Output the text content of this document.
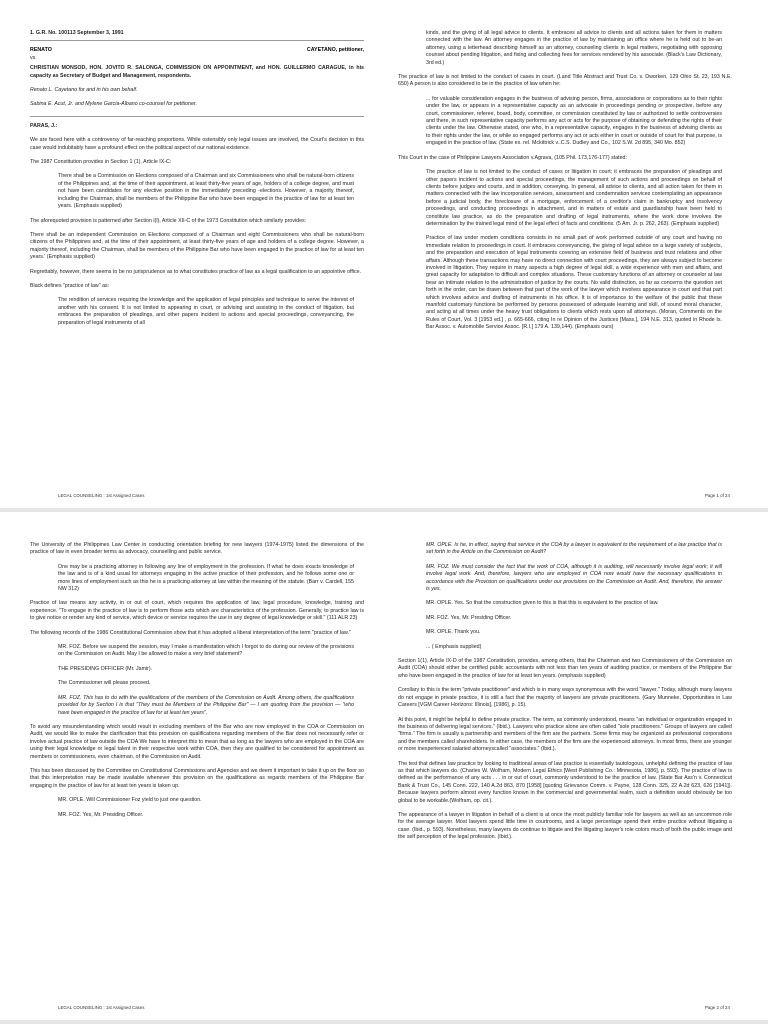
1. G.R. No. 100113 September 3, 1991

RENATO	CAYETANO, petitioner,

vs.

CHRISTIAN MONSOD, HON. JOVITO R. SALONGA, COMMISSION ON APPOINTMENT, and HON. GUILLERMO CARAGUE, in his capacity as Secretary of Budget and Management, respondents.

Renato L. Cayetano for and in his own behalf.

Sabina E. Acut, Jr. and Mylene Garcia-Albano co-counsel for petitioner.

PARAS, J.:

We are faced here with a controversy of far-reaching proportions. While ostensibly only legal issues are involved, the Court's decision in this case would indubitably have a profound effect on the political aspect of our national existence.

The 1987 Constitution provides in Section 1 (1), Article IX-C:

There shall be a Commission on Elections composed of a Chairman and six Commissioners who shall be natural-born citizens of the Philippines and, at the time of their appointment, at least thirty-five years of age, holders of a college degree, and must not have been candidates for any elective position in the immediately preceding -elections. However, a majority thereof, including the Chairman, shall be members of the Philippine Bar who have been engaged in the practice of law for at least ten years. (Emphasis supplied)

The aforequoted provision is patterned after Section l(l), Article XII-C of the 1973 Constitution which similarly provides:

There shall be an independent Commission on Elections composed of a Chairman and eight Commissioners who shall be natural-born citizens of the Philippines and, at the time of their appointment, at least thirty-five years of age and holders of a college degree. However, a majority thereof, including the Chairman, shall be members of the Philippine Bar who have been engaged in the practice of law for at least ten years.' (Emphasis supplied)

Regrettably, however, there seems to be no jurisprudence as to what constitutes practice of law as a legal qualification to an appointive office.

Black defines "practice of law" as:

The rendition of services requiring the knowledge and the application of legal principles and technique to serve the interest of another with his consent. It is not limited to appearing in court, or advising and assisting in the conduct of litigation, but embraces the preparation of pleadings, and other papers incident to actions and special proceedings, conveyancing, the preparation of legal instruments of all

kinds, and the giving of all legal advice to clients. It embraces all advice to clients and all actions taken for them in matters connected with the law. An attorney engages in the practice of law by maintaining an office where he is held out to be-an attorney, using a letterhead describing himself as an attorney, counseling clients in legal matters, negotiating with opposing counsel about pending litigation, and fixing and collecting fees for services rendered by his associate. (Black's Law Dictionary, 3rd ed.)

The practice of law is not limited to the conduct of cases in court. (Land Title Abstract and Trust Co. v. Dworken, 129 Ohio St. 23, 193 N.E. 650) A person is also considered to be in the practice of law when he:

... for valuable consideration engages in the business of advising person, firms, associations or corporations as to their rights under the law, or appears in a representative capacity as an advocate in proceedings pending or prospective, before any court, commissioner, referee, board, body, committee, or commission constituted by law or authorized to settle controversies and there, in such representative capacity performs any act or acts for the purpose of obtaining or defending the rights of their clients under the law. Otherwise stated, one who, in a representative capacity, engages in the business of advising clients as to their rights under the law, or while so engaged performs any act or acts either in court or outside of court for that purpose, is engaged in the practice of law. (State ex. rel. Mckittrick v..C.S. Dudley and Co., 102 S.W. 2d 895, 340 Mo. 852)

This Court in the case of Philippine Lawyers Association v.Agrava, (105 Phil. 173,176-177) stated:

The practice of law is not limited to the conduct of cases or litigation in court; it embraces the preparation of pleadings and other papers incident to actions and special proceedings, the management of such actions and proceedings on behalf of clients before judges and courts, and in addition, conveying. In general, all advice to clients, and all action taken for them in matters connected with the law incorporation services, assessment and condemnation services contemplating an appearance before a judicial body, the foreclosure of a mortgage, enforcement of a creditor's claim in bankruptcy and insolvency proceedings, and conducting proceedings in attachment, and in matters of estate and guardianship have been held to constitute law practice, as do the preparation and drafting of legal instruments, where the work done involves the determination by the trained legal mind of the legal effect of facts and conditions. (5 Am. Jr. p. 262, 263). (Emphasis supplied)

Practice of law under modem conditions consists in no small part of work performed outside of any court and having no immediate relation to proceedings in court. It embraces conveyancing, the giving of legal advice on a large variety of subjects, and the preparation and execution of legal instruments covering an extensive field of business and trust relations and other affairs. Although these transactions may have no direct connection with court proceedings, they are always subject to become involved in litigation. They require in many aspects a high degree of legal skill, a wide experience with men and affairs, and great capacity for adaptation to difficult and complex situations. These customary functions of an attorney or counselor at law bear an intimate relation to the administration of justice by the courts. No valid distinction, so far as concerns the question set forth in the order, can be drawn between that part of the work of the lawyer which involves appearance in court and that part which involves advice and drafting of instruments in his office. It is of importance to the welfare of the public that these manifold customary functions be performed by persons possessed of adequate learning and skill, of sound moral character, and acting at all times under the heavy trust obligations to clients which rests upon all attorneys. (Moran, Comments on the Rules of Court, Vol. 3 [1953 ed.] , p. 665-666, citing In re Opinion of the Justices [Mass.], 194 N.E. 313, quoted in Rhode Is. Bar Assoc. v. Automobile Service Assoc. [R.I.] 179 A. 139,144). (Emphasis ours)

LEGAL COUNSELING : 1st Assigned Cases	Page 1 of 24

The University of the Philippines Law Center in conducting orientation briefing for new lawyers (1974-1975) listed the dimensions of the practice of law in even broader terms as advocacy, counselling and public service.

One may be a practicing attorney in following any line of employment in the profession. If what he does exacts knowledge of the law and is of a kind usual for attorneys engaging in the active practice of their profession, and he follows some one or more lines of employment such as this he is a practicing attorney at law within the meaning of the statute. (Barr v. Cardell, 155 NW 312)

Practice of law means any activity, in or out of court, which requires the application of law, legal procedure, knowledge, training and experience. "To engage in the practice of law is to perform those acts which are characteristics of the profession. Generally, to practice law is to give notice or render any kind of service, which device or service requires the use in any degree of legal knowledge or skill." (111 ALR 23)

The following records of the 1986 Constitutional Commission show that it has adopted a liberal interpretation of the term "practice of law."

MR. FOZ. Before we suspend the session, may I make a manifestation which I forgot to do during our review of the provisions on the Commission on Audit. May I be allowed to make a very brief statement?

THE PRESIDING OFFICER (Mr. Jamir).

The Commissioner will please proceed.

MR. FOZ. This has to do with the qualifications of the members of the Commission on Audit. Among others, the qualifications provided for by Section I is that "They must be Members of the Philippine Bar" — I am quoting from the provision — "who have been engaged in the practice of law for at least ten years".

To avoid any misunderstanding which would result in excluding members of the Bar who are now employed in the COA or Commission on Audit, we would like to make the clarification that this provision on qualifications regarding members of the Bar does not necessarily refer or involve actual practice of law outside the COA We have to interpret this to mean that as long as the lawyers who are employed in the COA are using their legal knowledge or legal talent in their respective work within COA, then they are qualified to be considered for appointment as members or commissioners, even chairman, of the Commission on Audit.

This has been discussed by the Committee on Constitutional Commissions and Agencies and we deem it important to take it up on the floor so that this interpretation may be made available whenever this provision on the qualifications as regards members of the Philippine Bar engaging in the practice of law for at least ten years is taken up.

MR. OPLE. Will Commissioner Foz yield to just one question.

MR. FOZ. Yes, Mr. Presiding Officer.

MR. OPLE. Is he, in effect, saying that service in the COA by a lawyer is equivalent to the requirement of a law practice that is set forth in the Article on the Commission on Audit?

MR. FOZ. We must consider the fact that the work of COA, although it is auditing, will necessarily involve legal work; it will involve legal work. And, therefore, lawyers who are employed in COA now would have the necessary qualifications in accordance with the Provision on qualifications under our provisions on the Commission on Audit. And, therefore, the answer is yes.

MR. OPLE. Yes. So that the construction given to this is that this is equivalent to the practice of law.

MR. FOZ. Yes, Mr. Presiding Officer.

MR. OPLE. Thank you.

... ( Emphasis supplied)

Section 1(1), Article IX-D of the 1987 Constitution, provides, among others, that the Chairman and two Commissioners of the Commission on Audit (COA) should either be certified public accountants with not less than ten years of auditing practice, or members of the Philippine Bar who have been engaged in the practice of law for at least ten years. (emphasis supplied)

Corollary to this is the term "private practitioner" and which is in many ways synonymous with the word "lawyer." Today, although many lawyers do not engage in private practice, it is still a fact that the majority of lawyers are private practitioners. (Gary Munneke, Opportunities in Law Careers [VGM Career Horizons: Illinois], [1986], p. 15).

At this point, it might be helpful to define private practice. The term, as commonly understood, means "an individual or organization engaged in the business of delivering legal services." (Ibid.). Lawyers who practice alone are often called "sole practitioners." Groups of lawyers are called "firms." The firm is usually a partnership and members of the firm are the partners. Some firms may be organized as professional corporations and the members called shareholders. In either case, the members of the firm are the experienced attorneys. In most firms, there are younger or more inexperienced salaried attorneyscalled "associates." (Ibid.).

The test that defines law practice by looking to traditional areas of law practice is essentially tautologous, unhelpful defining the practice of law as that which lawyers do. (Charles W. Wolfram, Modern Legal Ethics [West Publishing Co.: Minnesota, 1986], p. 593). The practice of law is defined as the performance of any acts . . . in or out of court, commonly understood to be the practice of law. (State Bar Ass'n v. Connecticut Bank & Trust Co., 145 Conn. 222, 140 A.2d 863, 870 [1958] [quoting Grievance Comm. v. Payne, 128 Conn. 325, 22 A.2d 623, 626 [1941]). Because lawyers perform almost every function known in the commercial and governmental realm, such a definition would obviously be too global to be workable.(Wolfram, op. cit.).

The appearance of a lawyer in litigation in behalf of a client is at once the most publicly familiar role for lawyers as well as an uncommon role for the average lawyer. Most lawyers spend little time in courtrooms, and a large percentage spend their entire practice without litigating a case. (Ibid., p. 593). Nonetheless, many lawyers do continue to litigate and the litigating lawyer's role colors much of both the public image and the self perception of the legal profession. (Ibid.).

LEGAL COUNSELING : 1st Assigned Cases	Page 2 of 24
